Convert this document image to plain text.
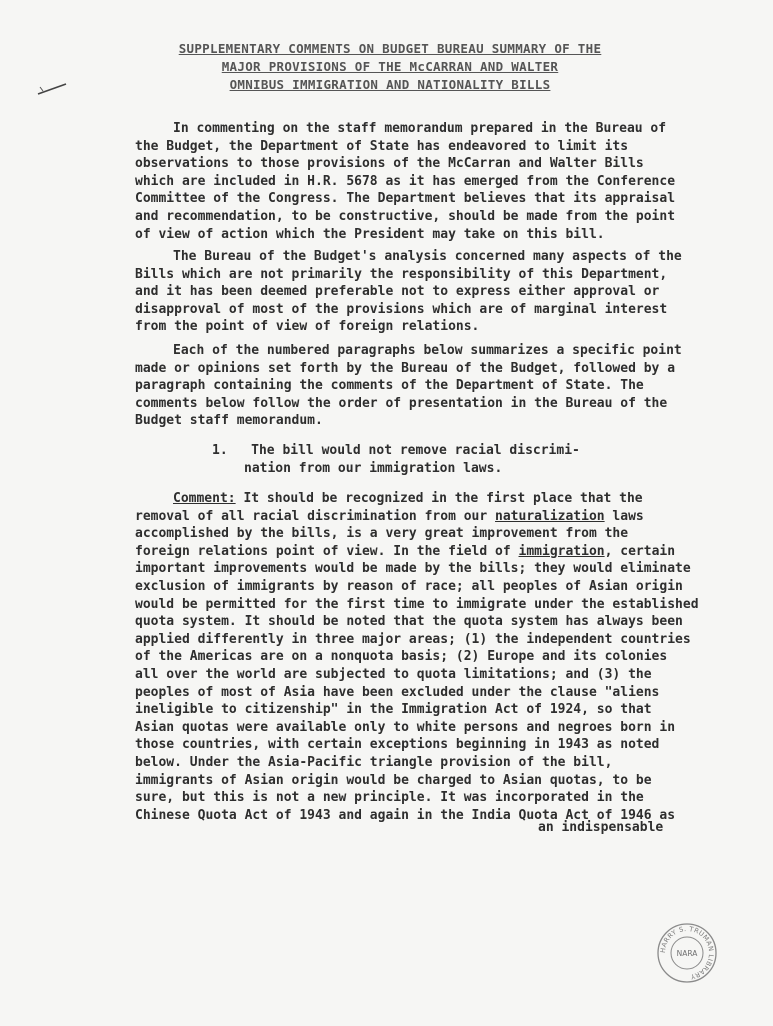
SUPPLEMENTARY COMMENTS ON BUDGET BUREAU SUMMARY OF THE
MAJOR PROVISIONS OF THE McCARRAN AND WALTER
OMNIBUS IMMIGRATION AND NATIONALITY BILLS
In commenting on the staff memorandum prepared in the Bureau of
the Budget, the Department of State has endeavored to limit its
observations to those provisions of the McCarran and Walter Bills
which are included in H.R. 5678 as it has emerged from the Conference
Committee of the Congress. The Department believes that its appraisal
and recommendation, to be constructive, should be made from the point
of view of action which the President may take on this bill.
The Bureau of the Budget's analysis concerned many aspects of the
Bills which are not primarily the responsibility of this Department,
and it has been deemed preferable not to express either approval or
disapproval of most of the provisions which are of marginal interest
from the point of view of foreign relations.
Each of the numbered paragraphs below summarizes a specific point
made or opinions set forth by the Bureau of the Budget, followed by a
paragraph containing the comments of the Department of State. The
comments below follow the order of presentation in the Bureau of the
Budget staff memorandum.
1. The bill would not remove racial discrimi-
nation from our immigration laws.
Comment: It should be recognized in the first place that the
removal of all racial discrimination from our naturalization laws
accomplished by the bills, is a very great improvement from the
foreign relations point of view. In the field of immigration, certain
important improvements would be made by the bills; they would eliminate
exclusion of immigrants by reason of race; all peoples of Asian origin
would be permitted for the first time to immigrate under the established
quota system. It should be noted that the quota system has always been
applied differently in three major areas; (1) the independent countries
of the Americas are on a nonquota basis; (2) Europe and its colonies
all over the world are subjected to quota limitations; and (3) the
peoples of most of Asia have been excluded under the clause "aliens
ineligible to citizenship" in the Immigration Act of 1924, so that
Asian quotas were available only to white persons and negroes born in
those countries, with certain exceptions beginning in 1943 as noted
below. Under the Asia-Pacific triangle provision of the bill,
immigrants of Asian origin would be charged to Asian quotas, to be
sure, but this is not a new principle. It was incorporated in the
Chinese Quota Act of 1943 and again in the India Quota Act of 1946 as
an indispensable
HARRY S. TRUMAN LIBRARY
NARA
